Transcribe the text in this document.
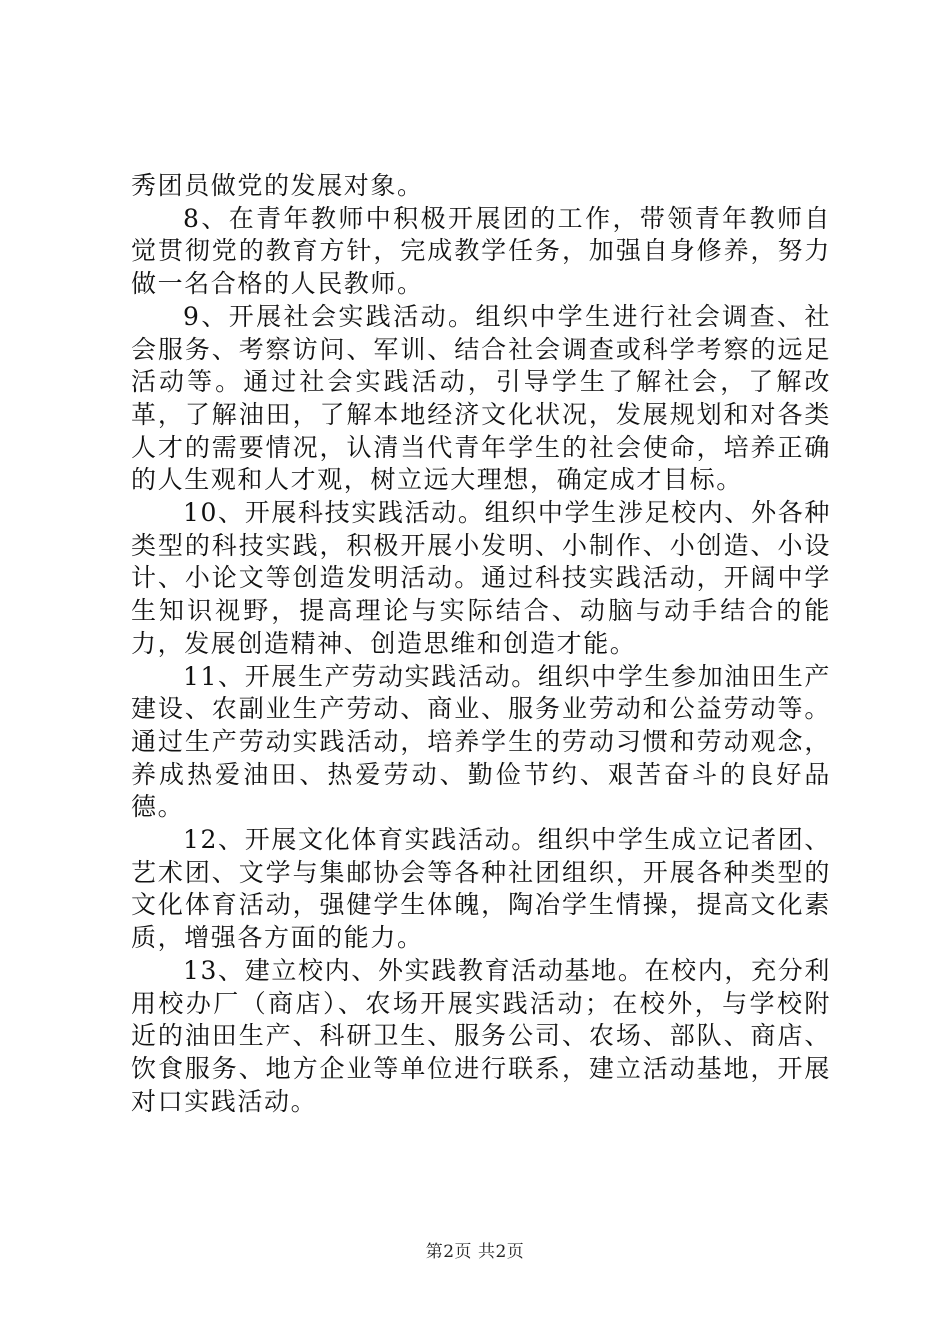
秀团员做党的发展对象。

8、在青年教师中积极开展团的工作，带领青年教师自觉贯彻党的教育方针，完成教学任务，加强自身修养，努力做一名合格的人民教师。

9、开展社会实践活动。组织中学生进行社会调查、社会服务、考察访问、军训、结合社会调查或科学考察的远足活动等。通过社会实践活动，引导学生了解社会，了解改革，了解油田，了解本地经济文化状况，发展规划和对各类人才的需要情况，认清当代青年学生的社会使命，培养正确的人生观和人才观，树立远大理想，确定成才目标。

10、开展科技实践活动。组织中学生涉足校内、外各种类型的科技实践，积极开展小发明、小制作、小创造、小设计、小论文等创造发明活动。通过科技实践活动，开阔中学生知识视野，提高理论与实际结合、动脑与动手结合的能力，发展创造精神、创造思维和创造才能。

11、开展生产劳动实践活动。组织中学生参加油田生产建设、农副业生产劳动、商业、服务业劳动和公益劳动等。通过生产劳动实践活动，培养学生的劳动习惯和劳动观念，养成热爱油田、热爱劳动、勤俭节约、艰苦奋斗的良好品德。

12、开展文化体育实践活动。组织中学生成立记者团、艺术团、文学与集邮协会等各种社团组织，开展各种类型的文化体育活动，强健学生体魄，陶冶学生情操，提高文化素质，增强各方面的能力。

13、建立校内、外实践教育活动基地。在校内，充分利用校办厂（商店）、农场开展实践活动；在校外，与学校附近的油田生产、科研卫生、服务公司、农场、部队、商店、饮食服务、地方企业等单位进行联系，建立活动基地，开展对口实践活动。

第2页 共2页
